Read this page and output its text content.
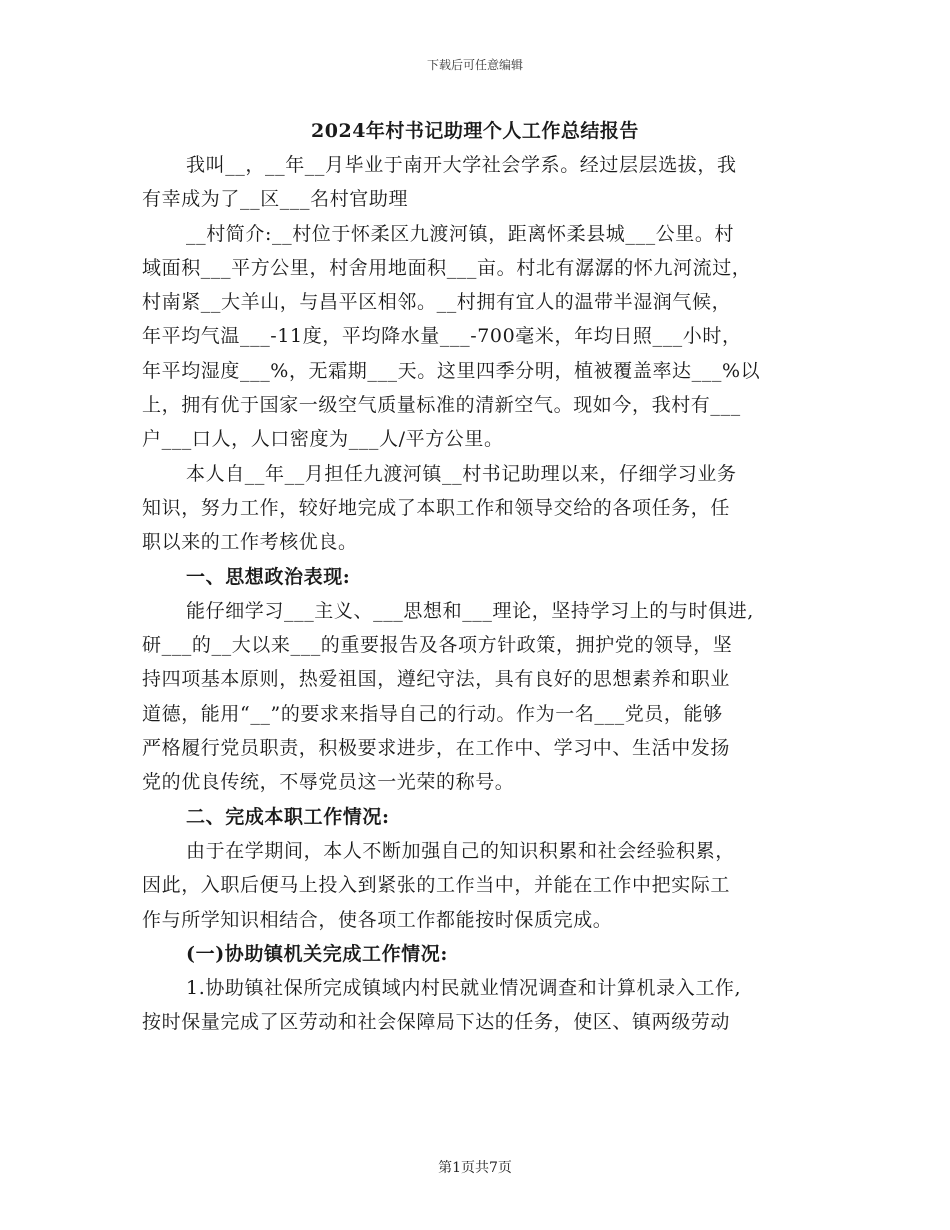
下载后可任意编辑
2024年村书记助理个人工作总结报告
我叫__，__年__月毕业于南开大学社会学系。经过层层选拔，我
有幸成为了__区___名村官助理
__村简介:__村位于怀柔区九渡河镇，距离怀柔县城___公里。村
域面积___平方公里，村舍用地面积___亩。村北有潺潺的怀九河流过，
村南紧__大羊山，与昌平区相邻。__村拥有宜人的温带半湿润气候，
年平均气温___-11度，平均降水量___-700毫米，年均日照___小时，
年平均湿度___%，无霜期___天。这里四季分明，植被覆盖率达___%以
上，拥有优于国家一级空气质量标准的清新空气。现如今，我村有___
户___口人，人口密度为___人/平方公里。
本人自__年__月担任九渡河镇__村书记助理以来，仔细学习业务
知识，努力工作，较好地完成了本职工作和领导交给的各项任务，任
职以来的工作考核优良。
一、思想政治表现:
能仔细学习___主义、___思想和___理论，坚持学习上的与时俱进,
研___的__大以来___的重要报告及各项方针政策，拥护党的领导，坚
持四项基本原则，热爱祖国，遵纪守法，具有良好的思想素养和职业
道德，能用“__”的要求来指导自己的行动。作为一名___党员，能够
严格履行党员职责，积极要求进步，在工作中、学习中、生活中发扬
党的优良传统，不辱党员这一光荣的称号。
二、完成本职工作情况:
由于在学期间，本人不断加强自己的知识积累和社会经验积累，
因此，入职后便马上投入到紧张的工作当中，并能在工作中把实际工
作与所学知识相结合，使各项工作都能按时保质完成。
(一)协助镇机关完成工作情况:
1.协助镇社保所完成镇域内村民就业情况调查和计算机录入工作,
按时保量完成了区劳动和社会保障局下达的任务，使区、镇两级劳动
第1页共7页
